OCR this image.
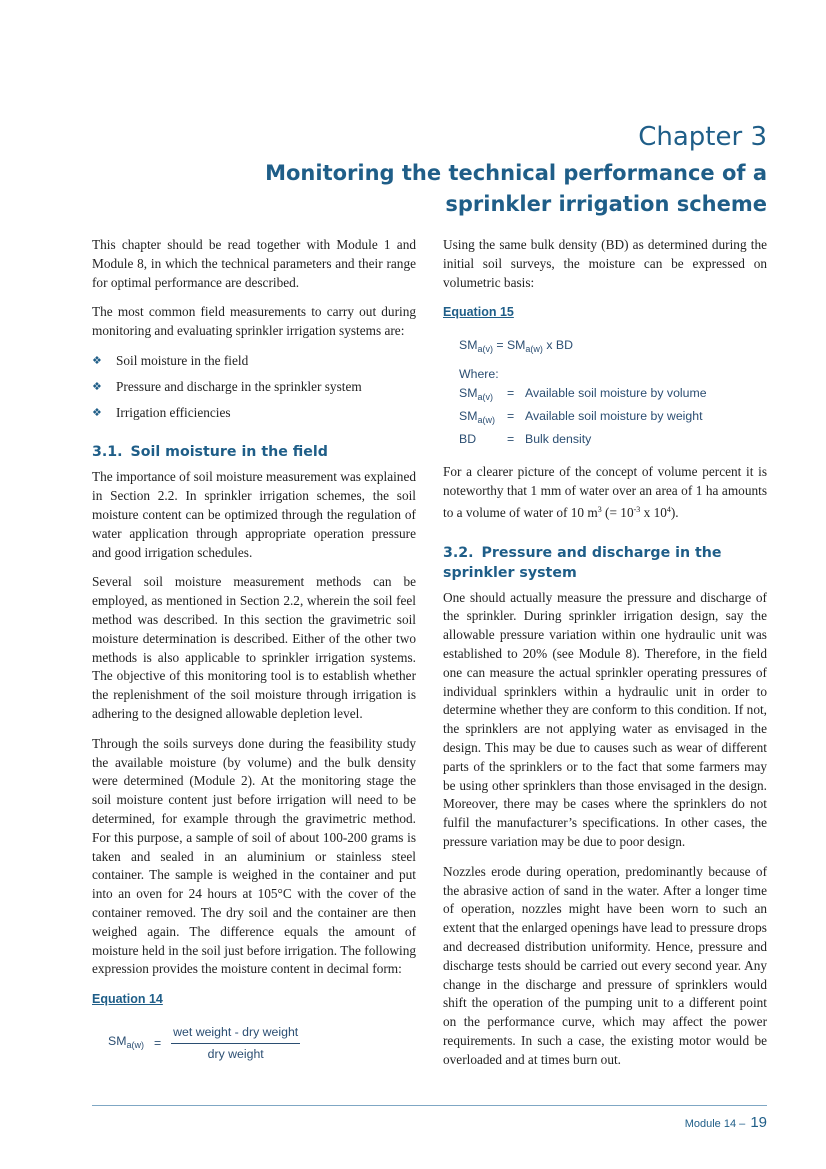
Chapter 3
Monitoring the technical performance of a
sprinkler irrigation scheme

This chapter should be read together with Module 1 and Module 8, in which the technical parameters and their range for optimal performance are described.

The most common field measurements to carry out during monitoring and evaluating sprinkler irrigation systems are:

❖ Soil moisture in the field
❖ Pressure and discharge in the sprinkler system
❖ Irrigation efficiencies
3.1. Soil moisture in the field

The importance of soil moisture measurement was explained in Section 2.2. In sprinkler irrigation schemes, the soil moisture content can be optimized through the regulation of water application through appropriate operation pressure and good irrigation schedules.

Several soil moisture measurement methods can be employed, as mentioned in Section 2.2, wherein the soil feel method was described. In this section the gravimetric soil moisture determination is described. Either of the other two methods is also applicable to sprinkler irrigation systems. The objective of this monitoring tool is to establish whether the replenishment of the soil moisture through irrigation is adhering to the designed allowable depletion level.

Through the soils surveys done during the feasibility study the available moisture (by volume) and the bulk density were determined (Module 2). At the monitoring stage the soil moisture content just before irrigation will need to be determined, for example through the gravimetric method. For this purpose, a sample of soil of about 100-200 grams is taken and sealed in an aluminium or stainless steel container. The sample is weighed in the container and put into an oven for 24 hours at 105°C with the cover of the container removed. The dry soil and the container are then weighed again. The difference equals the amount of moisture held in the soil just before irrigation. The following expression provides the moisture content in decimal form:

Equation 14
$SM_{a(w)} = \frac{\text{wet weight - dry weight}}{\text{dry weight}}$

Using the same bulk density (BD) as determined during the initial soil surveys, the moisture can be expressed on volumetric basis:

Equation 15
$SM_{a(v)} = SM_{a(w)}$ x BD
Where:
$SM_{a(v)}$	= Available soil moisture by volume
$SM_{a(w)}$ = Available soil moisture by weight
BD	= Bulk density

For a clearer picture of the concept of volume percent it is noteworthy that 1 mm of water over an area of 1 ha amounts to a volume of water of 10 $m^3$ (= $10^{-3}$ x $10^4$).

3.2. Pressure and discharge in the sprinkler system

One should actually measure the pressure and discharge of the sprinkler. During sprinkler irrigation design, say the allowable pressure variation within one hydraulic unit was established to 20% (see Module 8). Therefore, in the field one can measure the actual sprinkler operating pressures of individual sprinklers within a hydraulic unit in order to determine whether they are conform to this condition. If not, the sprinklers are not applying water as envisaged in the design. This may be due to causes such as wear of different parts of the sprinklers or to the fact that some farmers may be using other sprinklers than those envisaged in the design. Moreover, there may be cases where the sprinklers do not fulfil the manufacturer’s specifications. In other cases, the pressure variation may be due to poor design.

Nozzles erode during operation, predominantly because of the abrasive action of sand in the water. After a longer time of operation, nozzles might have been worn to such an extent that the enlarged openings have lead to pressure drops and decreased distribution uniformity. Hence, pressure and discharge tests should be carried out every second year. Any change in the discharge and pressure of sprinklers would shift the operation of the pumping unit to a different point on the performance curve, which may affect the power requirements. In such a case, the existing motor would be overloaded and at times burn out.

Module 14 – 19
